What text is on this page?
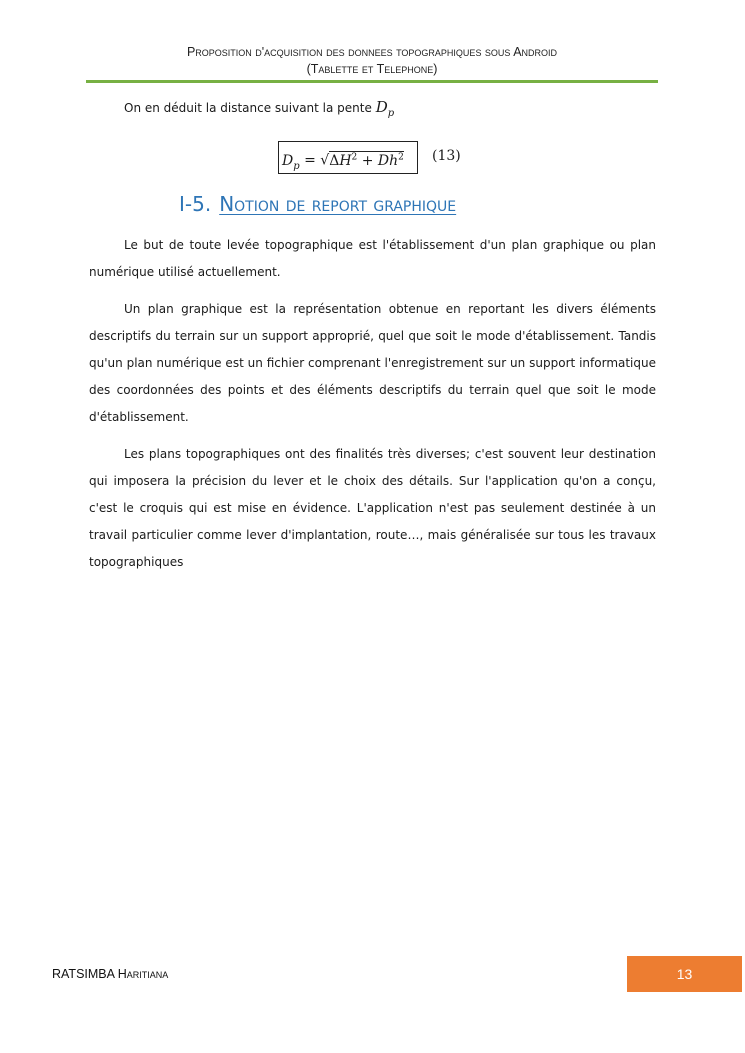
Proposition d'acquisition des donnees topographiques sous Android
(Tablette et Telephone)
On en déduit la distance suivant la pente $D_p$
$D_p = √\Delta H^2 + Dh^2$	(13)
I-5. Notion de report graphique

Le but de toute levée topographique est l'établissement d'un plan graphique ou plan numérique utilisé actuellement.

Un plan graphique est la représentation obtenue en reportant les divers éléments descriptifs du terrain sur un support approprié, quel que soit le mode d'établissement. Tandis qu'un plan numérique est un fichier comprenant l'enregistrement sur un support informatique des coordonnées des points et des éléments descriptifs du terrain quel que soit le mode d'établissement.

Les plans topographiques ont des finalités très diverses; c'est souvent leur destination qui imposera la précision du lever et le choix des détails. Sur l'application qu'on a conçu, c'est le croquis qui est mise en évidence. L'application n'est pas seulement destinée à un travail particulier comme lever d'implantation, route…, mais généralisée sur tous les travaux topographiques

RATSIMBA Haritiana	13
